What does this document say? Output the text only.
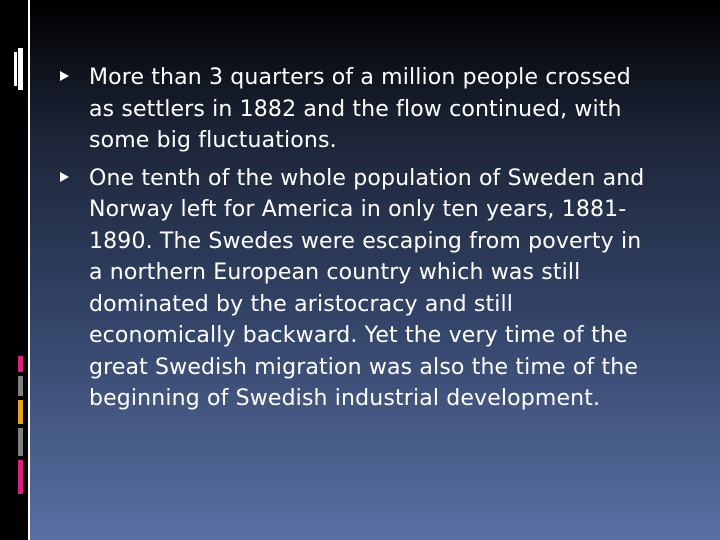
More than 3 quarters of a million people crossed as settlers in 1882 and the flow continued, with some big fluctuations.
One tenth of the whole population of Sweden and Norway left for America in only ten years, 1881- 1890. The Swedes were escaping from poverty in a northern European country which was still dominated by the aristocracy and still economically backward. Yet the very time of the great Swedish migration was also the time of the beginning of Swedish industrial development.
